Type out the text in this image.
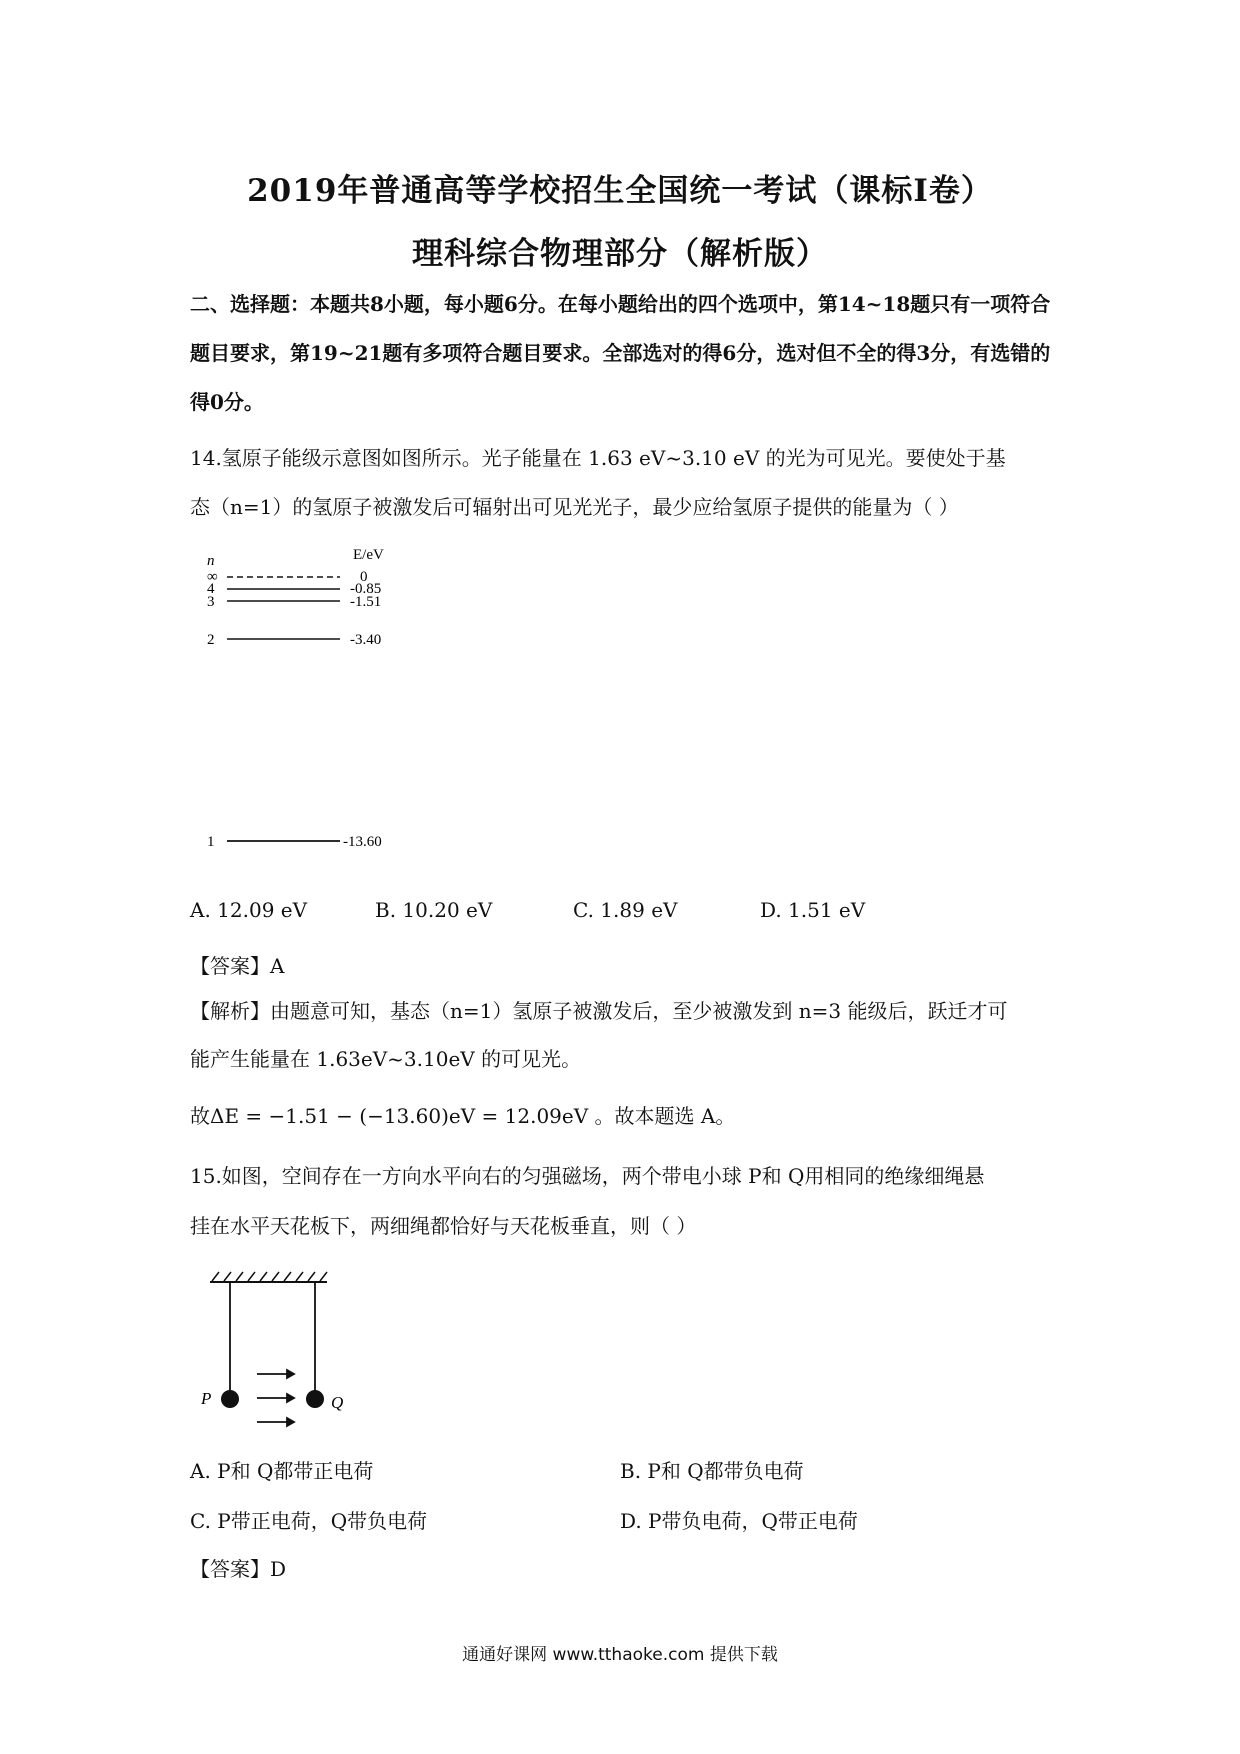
2019年普通高等学校招生全国统一考试（课标Ⅰ卷）
理科综合物理部分（解析版）
二、选择题：本题共8小题，每小题6分。在每小题给出的四个选项中，第14~18题只有一项符合题目要求，第19~21题有多项符合题目要求。全部选对的得6分，选对但不全的得3分，有选错的得0分。
14.氢原子能级示意图如图所示。光子能量在 1.63 eV~3.10 eV 的光为可见光。要使处于基
态（n=1）的氢原子被激发后可辐射出可见光光子，最少应给氢原子提供的能量为（ ）
n	E/eV
∞	0
4	-0.85
3	-1.51
2	-3.40
1	-13.60
A. 12.09 eV	B. 10.20 eV	C. 1.89 eV	D. 1.51 eV
【答案】A
【解析】由题意可知，基态（n=1）氢原子被激发后，至少被激发到 n=3 能级后，跃迁才可
能产生能量在 1.63eV~3.10eV 的可见光。
故ΔE = −1.51 − (−13.60)eV = 12.09eV 。故本题选 A。
15.如图，空间存在一方向水平向右的匀强磁场，两个带电小球 P和 Q用相同的绝缘细绳悬
挂在水平天花板下，两细绳都恰好与天花板垂直，则（ ）
P	Q
A. P和 Q都带正电荷	B. P和 Q都带负电荷
C. P带正电荷，Q带负电荷	D. P带负电荷，Q带正电荷
【答案】D
通通好课网 www.tthaoke.com 提供下载
